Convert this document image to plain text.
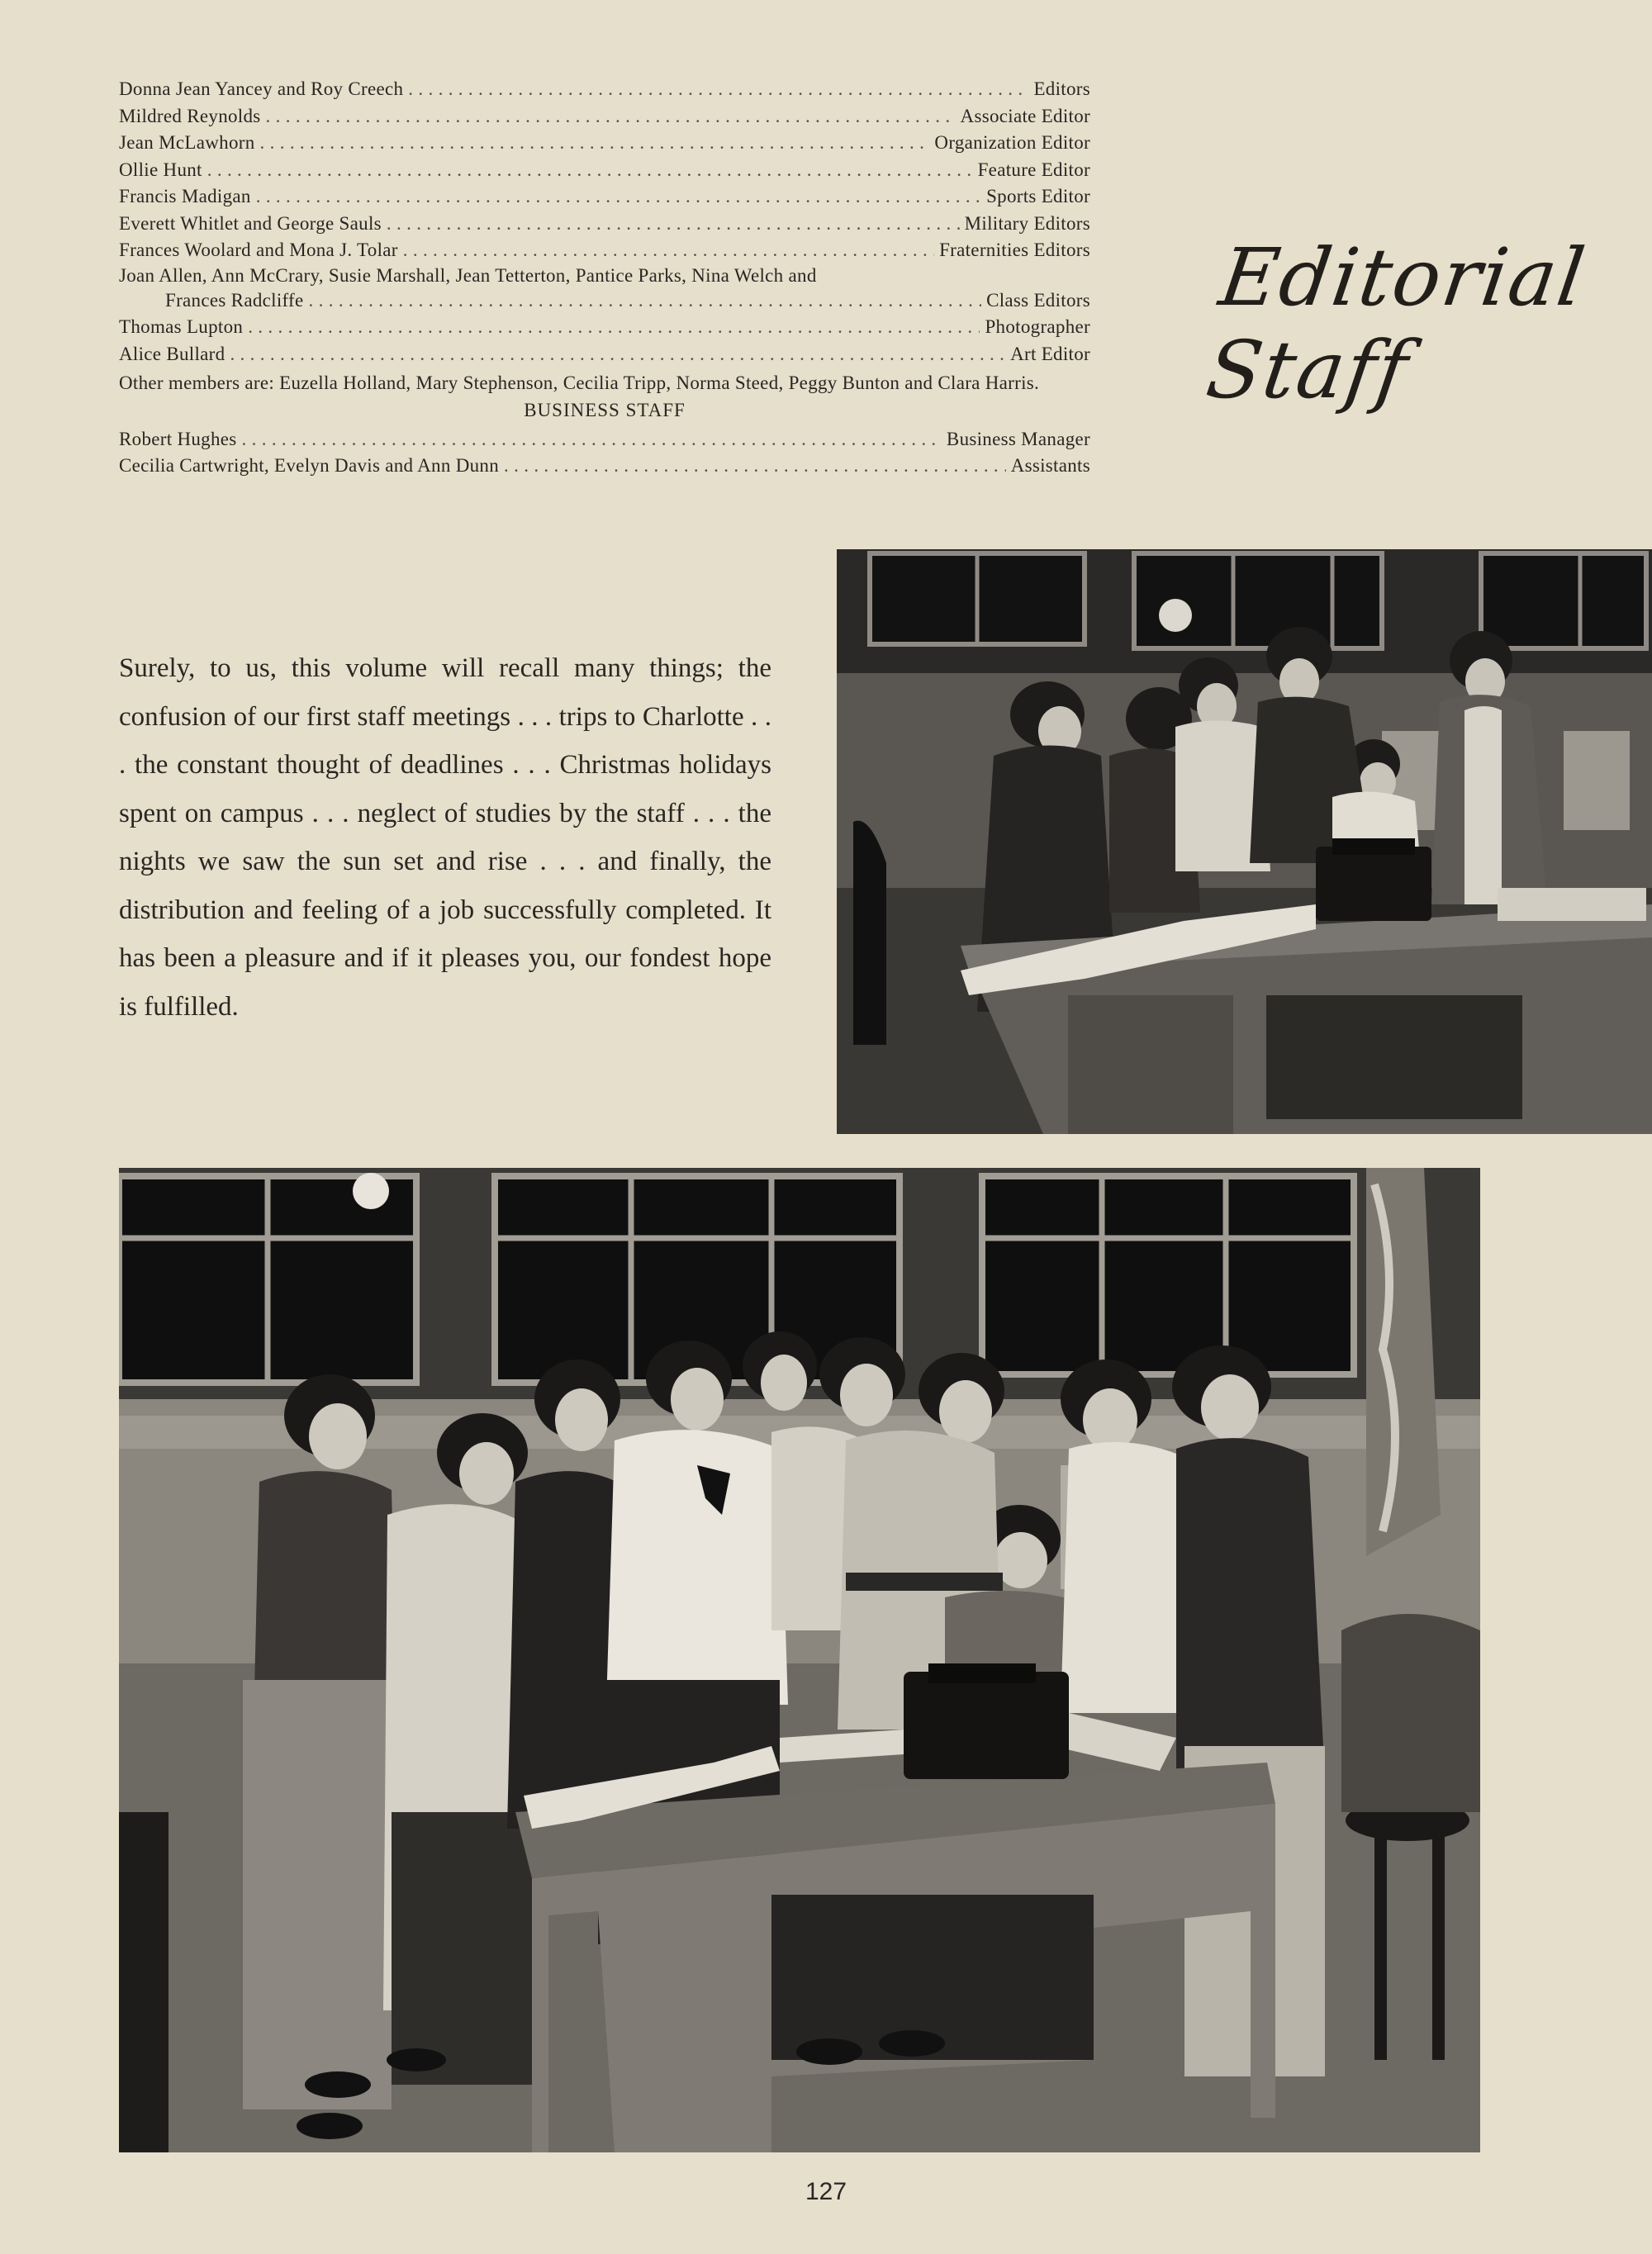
Donna Jean Yancey and Roy Creech . . .	Editors
Mildred Reynolds . . .	Associate Editor
Jean McLawhorn . . .	Organization Editor
Ollie Hunt . . .	Feature Editor
Francis Madigan . . .	Sports Editor
Everett Whitlet and George Sauls . . .	Military Editors
Frances Woolard and Mona J. Tolar . . .	Fraternities Editors
Joan Allen, Ann McCrary, Susie Marshall, Jean Tetterton, Pantice Parks, Nina Welch and
Frances Radcliffe . . .	Class Editors
Thomas Lupton . . .	Photographer
Alice Bullard . . .	Art Editor
Other members are: Euzella Holland, Mary Stephenson, Cecilia Tripp, Norma Steed, Peggy Bunton and Clara Harris.
BUSINESS STAFF
Robert Hughes . . .	Business Manager
Cecilia Cartwright, Evelyn Davis and Ann Dunn . . .	Assistants
Editorial Staff
Surely, to us, this volume will recall many things; the confusion of our first staff meetings . . . trips to Charlotte . . . the constant thought of deadlines . . . Christmas holidays spent on campus . . . neglect of studies by the staff . . . the nights we saw the sun set and rise . . . and finally, the distribution and feeling of a job successfully completed. It has been a pleasure and if it pleases you, our fondest hope is fulfilled.
127
